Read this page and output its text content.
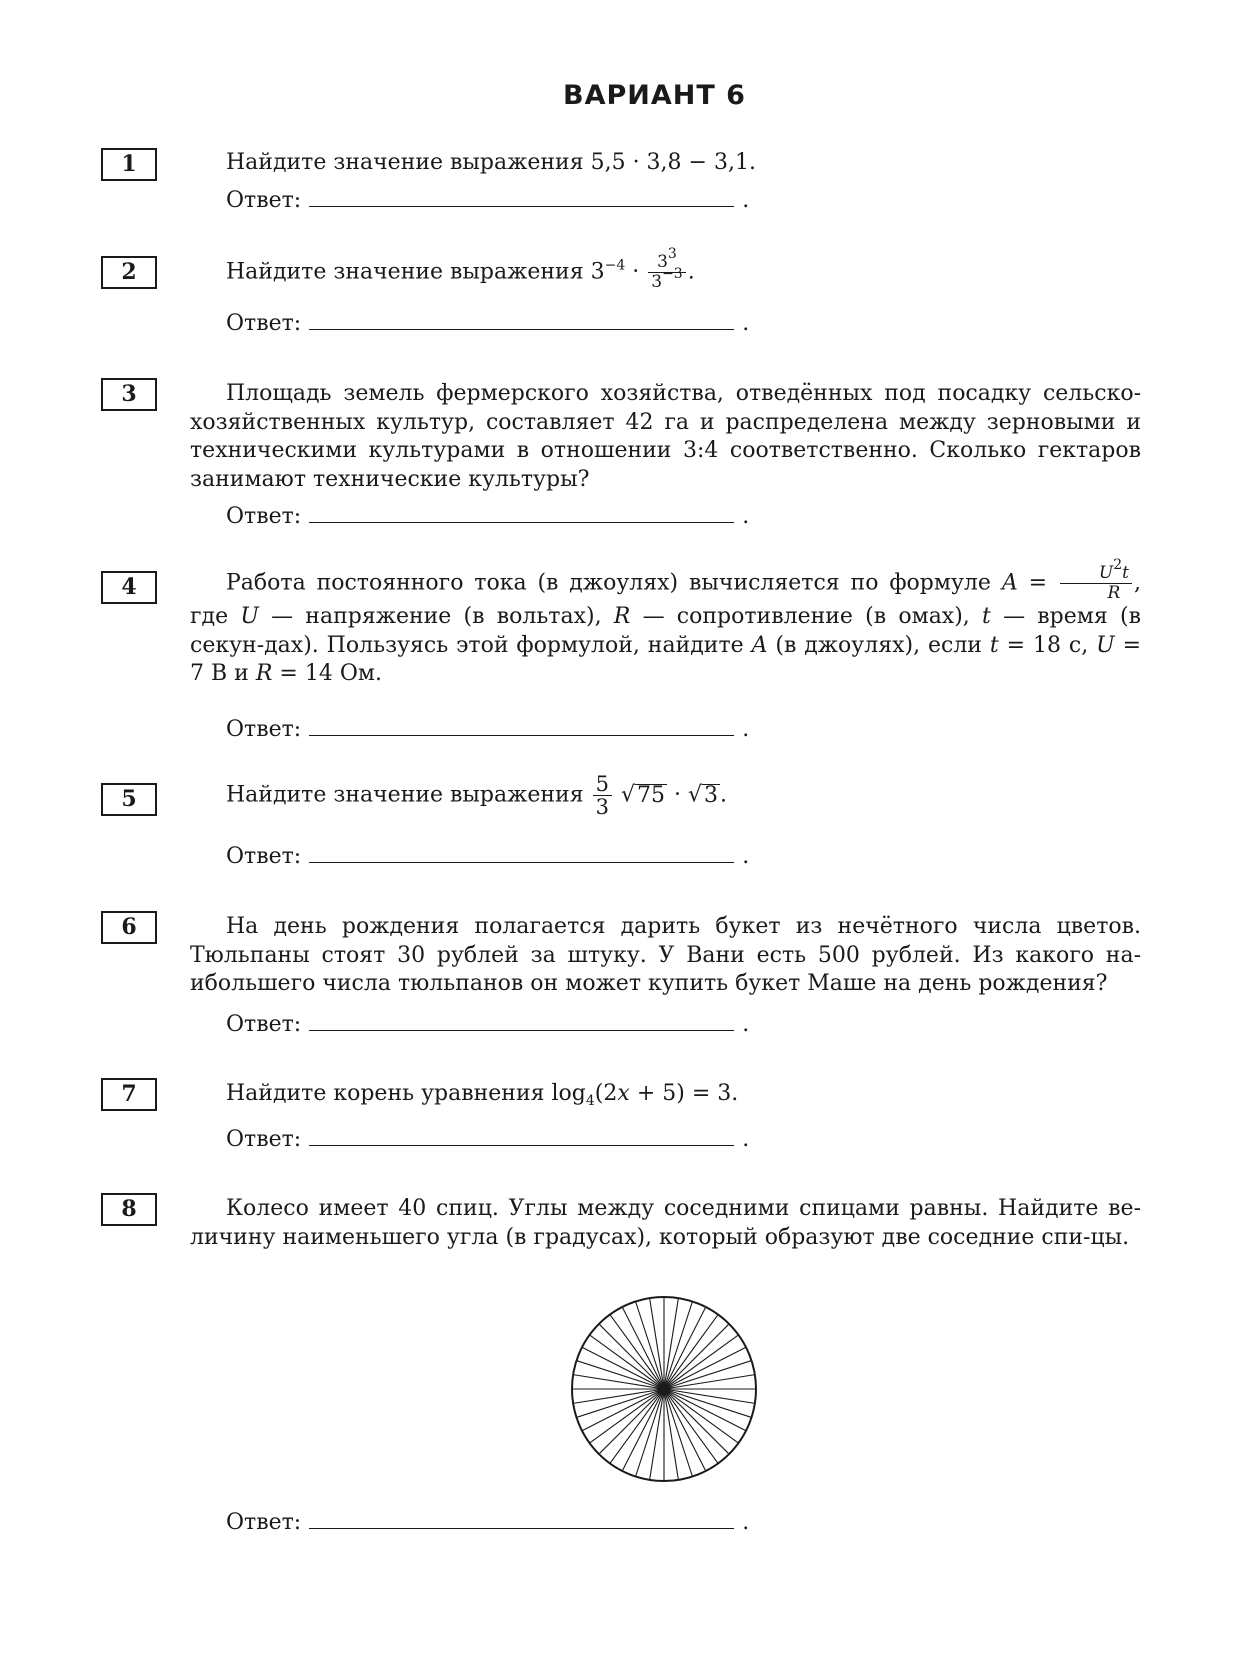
ВАРИАНТ 6
1	Найдите значение выражения 5,5 · 3,8 − 3,1.
Ответ:	.
2	Найдите значение выражения $3^{-4} \cdot \frac{3^3}{3^{-3}}$ .
Ответ:	.
3	Площадь земель фермерского хозяйства, отведённых под посадку сельско-хозяйственных культур, составляет 42 га и распределена между зерновыми и техническими культурами в отношении 3:4 соответственно. Сколько гектаров занимают технические культуры?
Ответ:	.
4	Работа постоянного тока (в джоулях) вычисляется по формуле $A = \frac{U^2t}{R}$ , где U — напряжение (в вольтах), R — сопротивление (в омах), t — время (в секун-дах). Пользуясь этой формулой, найдите A (в джоулях), если t = 18 с, U = 7 В и R = 14 Ом.
Ответ:	.
5	Найдите значение выражения $\frac{5}{3} √75 \cdot √3$.
Ответ:	.
6	На день рождения полагается дарить букет из нечётного числа цветов. Тюльпаны стоят 30 рублей за штуку. У Вани есть 500 рублей. Из какого на-ибольшего числа тюльпанов он может купить букет Маше на день рождения?
Ответ:	.
7	Найдите корень уравнения $\log_4(2x + 5) = 3$.
Ответ:	.
8	Колесо имеет 40 спиц. Углы между соседними спицами равны. Найдите ве-личину наименьшего угла (в градусах), который образуют две соседние спи-цы.
Ответ:	.
